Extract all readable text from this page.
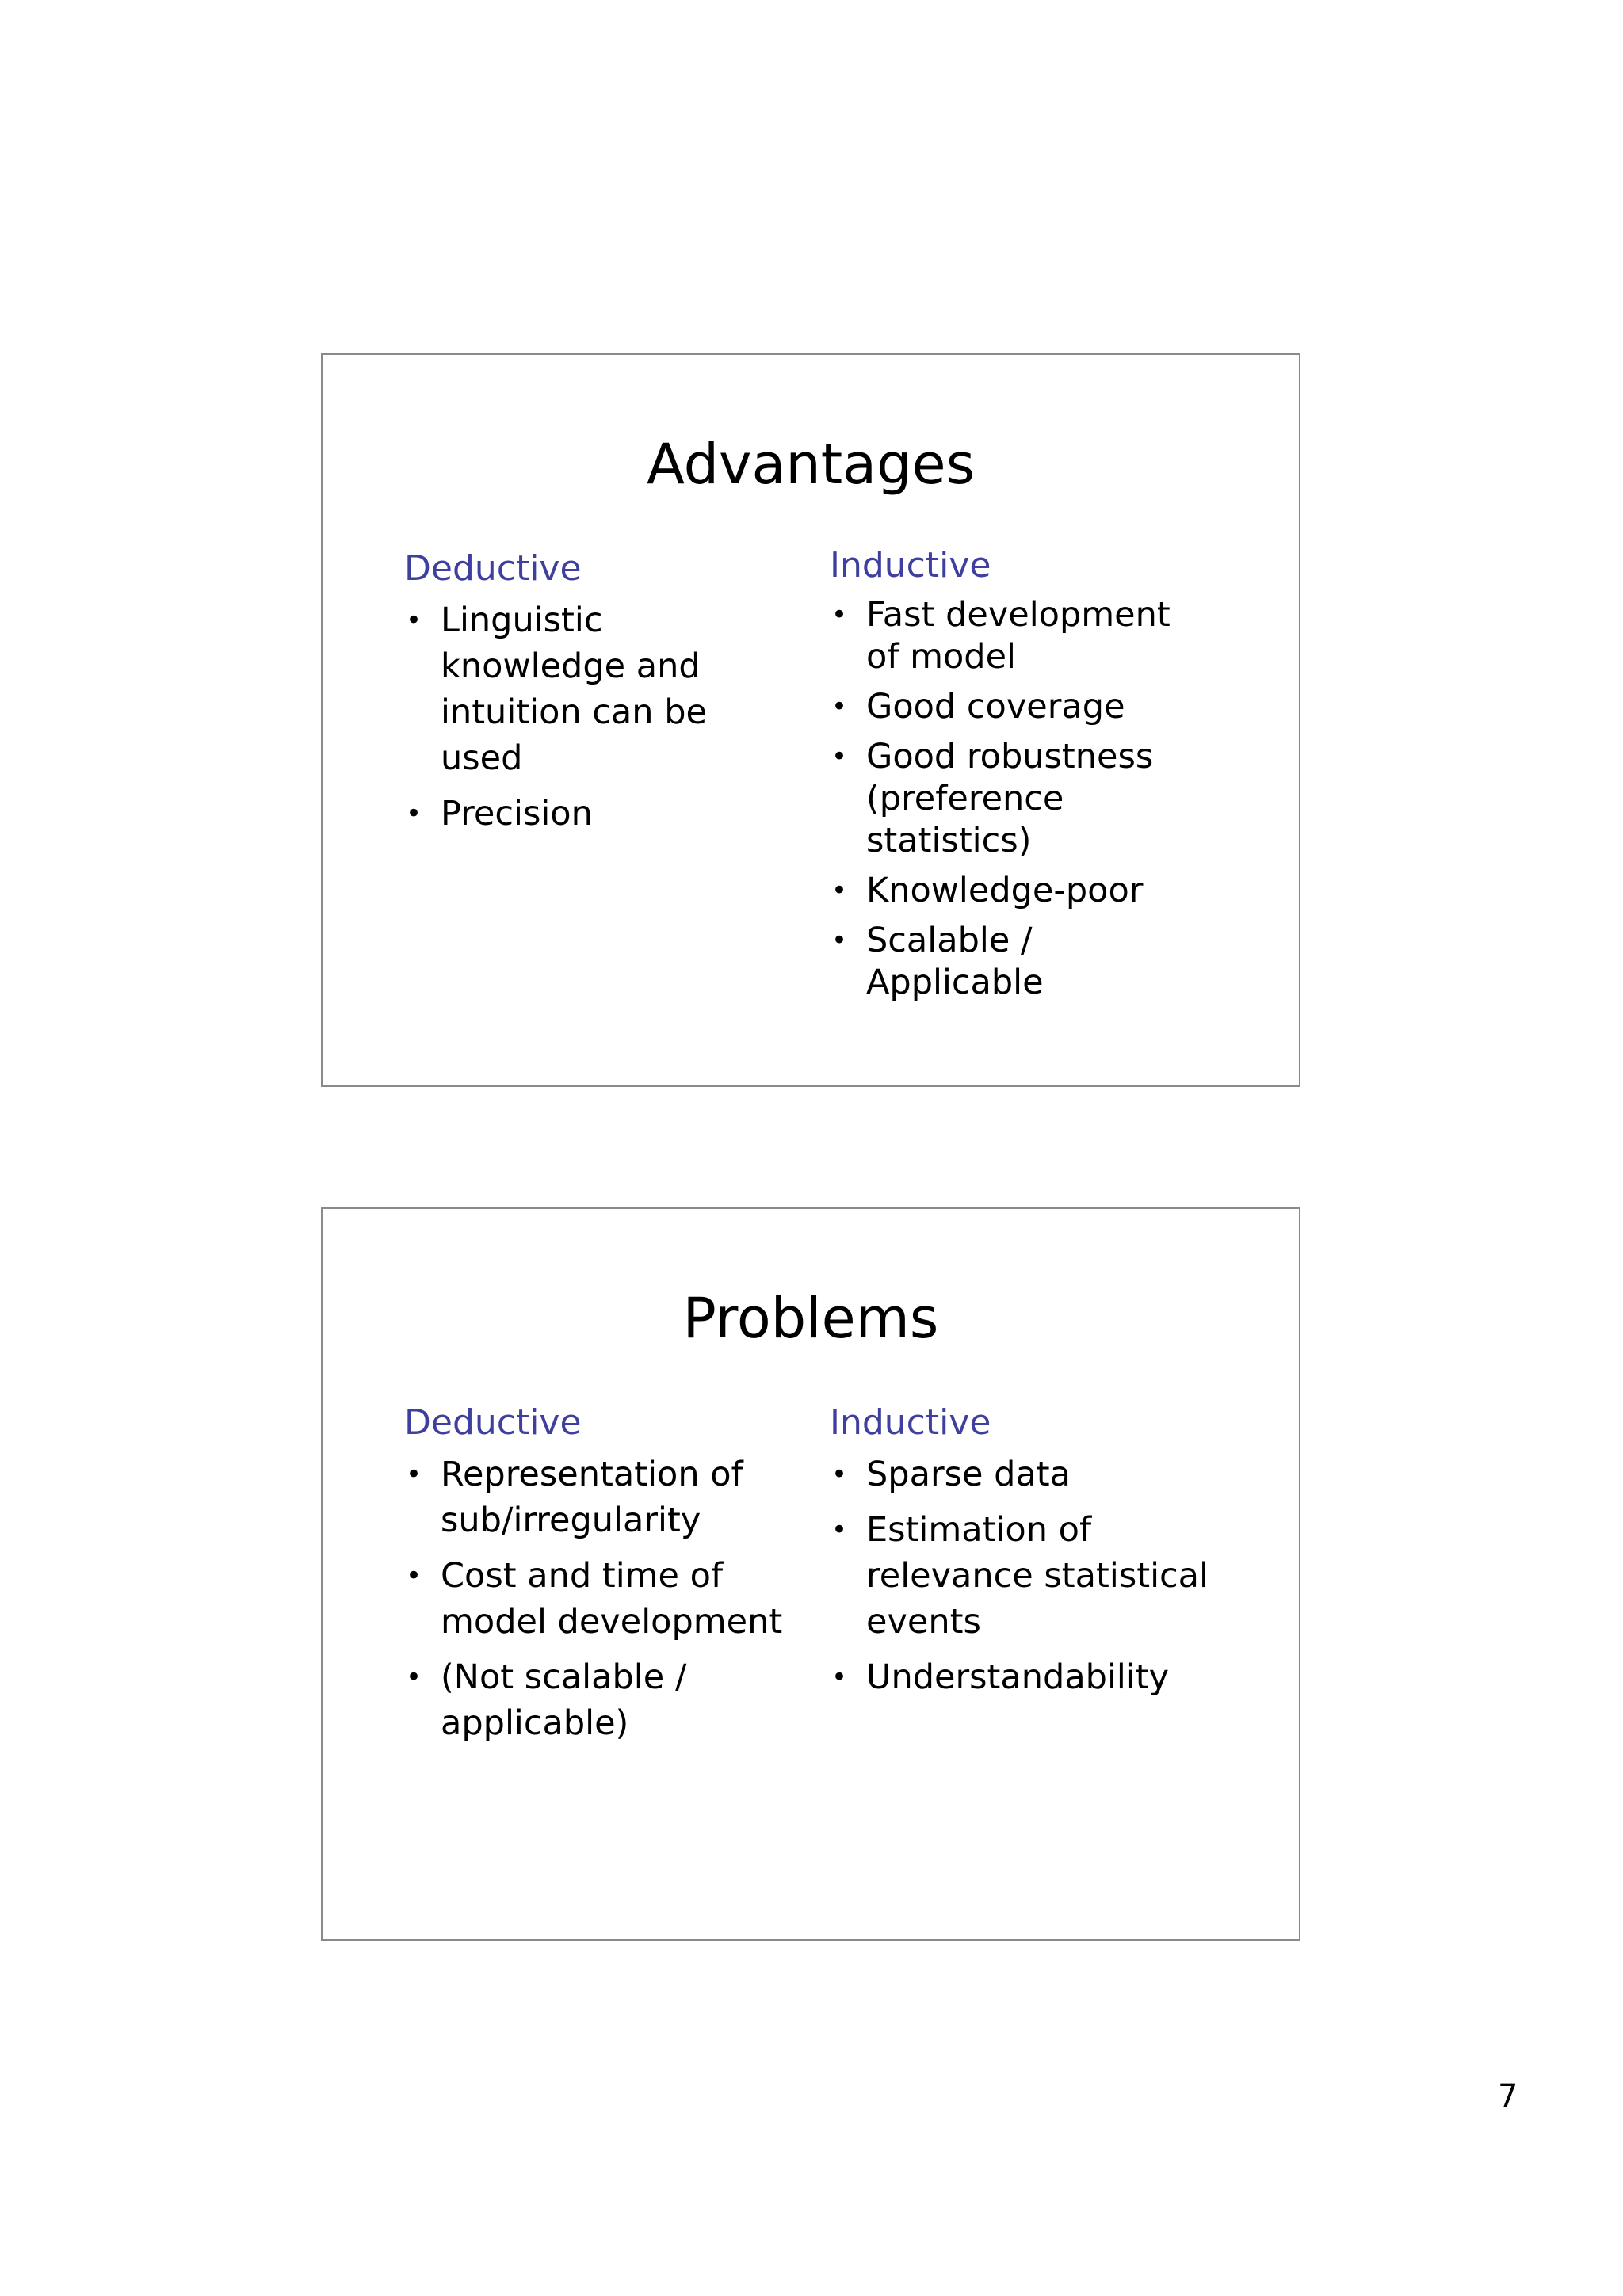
Advantages
Deductive
• Linguistic knowledge and intuition can be used
• Precision
Inductive
• Fast development of model
• Good coverage
• Good robustness (preference statistics)
• Knowledge-poor
• Scalable / Applicable
Problems
Deductive
• Representation of sub/irregularity
• Cost and time of model development
• (Not scalable / applicable)
Inductive
• Sparse data
• Estimation of relevance statistical events
• Understandability
7
